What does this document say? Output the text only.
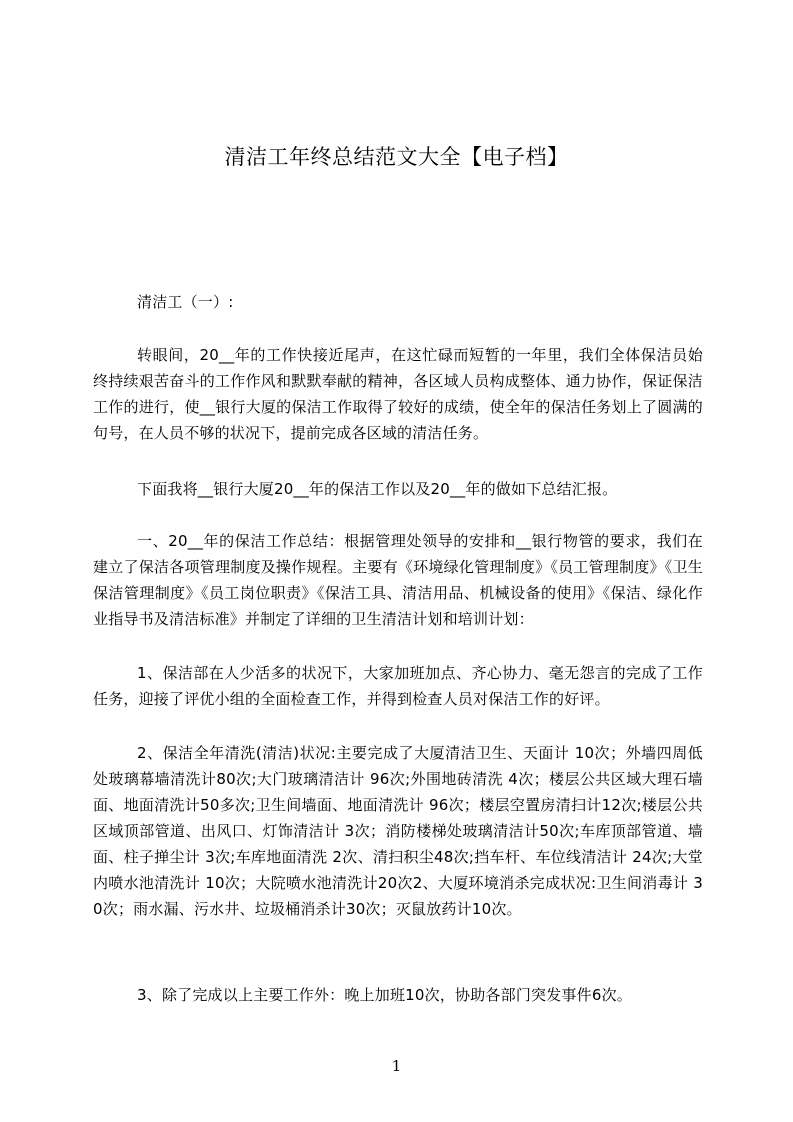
清洁工年终总结范文大全【电子档】
清洁工（一）:
转眼间，20__年的工作快接近尾声，在这忙碌而短暂的一年里，我们全体保洁员始终持续艰苦奋斗的工作作风和默默奉献的精神，各区域人员构成整体、通力协作，保证保洁工作的进行，使__银行大厦的保洁工作取得了较好的成绩，使全年的保洁任务划上了圆满的句号，在人员不够的状况下，提前完成各区域的清洁任务。
下面我将__银行大厦20__年的保洁工作以及20__年的做如下总结汇报。
一、20__年的保洁工作总结：根据管理处领导的安排和__银行物管的要求，我们在建立了保洁各项管理制度及操作规程。主要有《环境绿化管理制度》《员工管理制度》《卫生保洁管理制度》《员工岗位职责》《保洁工具、清洁用品、机械设备的使用》《保洁、绿化作业指导书及清洁标准》并制定了详细的卫生清洁计划和培训计划：
1、保洁部在人少活多的状况下，大家加班加点、齐心协力、毫无怨言的完成了工作任务，迎接了评优小组的全面检查工作，并得到检查人员对保洁工作的好评。
2、保洁全年清洗(清洁)状况:主要完成了大厦清洁卫生、天面计 10次；外墙四周低处玻璃幕墙清洗计80次;大门玻璃清洁计 96次;外围地砖清洗 4次；楼层公共区域大理石墙面、地面清洗计50多次;卫生间墙面、地面清洗计 96次；楼层空置房清扫计12次;楼层公共区域顶部管道、出风口、灯饰清洁计 3次；消防楼梯处玻璃清洁计50次;车库顶部管道、墙面、柱子掸尘计 3次;车库地面清洗 2次、清扫积尘48次;挡车杆、车位线清洁计 24次;大堂内喷水池清洗计 10次；大院喷水池清洗计20次2、大厦环境消杀完成状况:卫生间消毒计 30次；雨水漏、污水井、垃圾桶消杀计30次；灭鼠放药计10次。
3、除了完成以上主要工作外：晚上加班10次，协助各部门突发事件6次。
1
